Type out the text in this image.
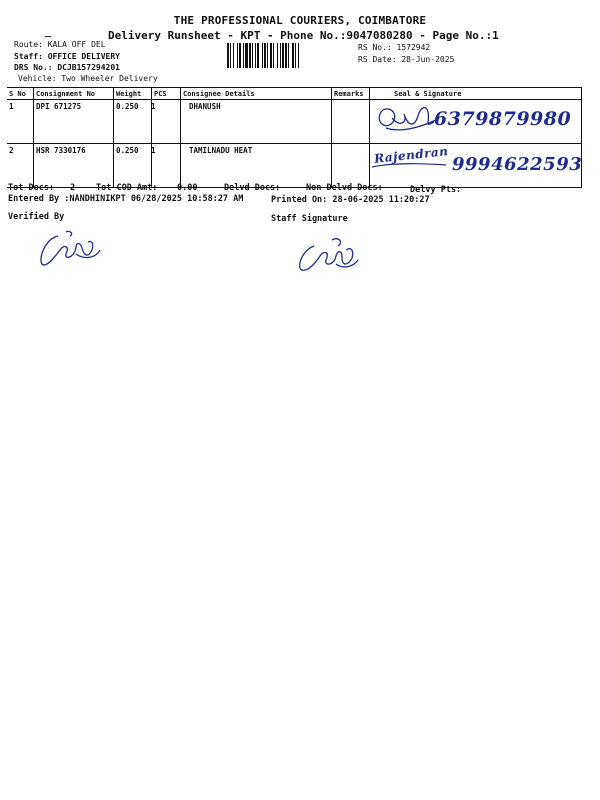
THE PROFESSIONAL COURIERS, COIMBATORE
Delivery Runsheet - KPT - Phone No.:9047080280 - Page No.:1
Route: KALA OFF DEL
Staff: OFFICE DELIVERY
DRS No.: DCJB157294201
Vehicle: Two Wheeler Delivery
RS No.: 1572942
RS Date: 28-Jun-2025
S No	Consignment No	Weight	PCS	Consignee Details	Remarks	Seal & Signature
1	DPI 671275	0.250	1	DHANUSH		6379879980

2	HSR 7330176	0.250	1	TAMILNADU HEAT		Rajendran 9994622593
Tot Docs: 2 Tot COD Amt: 0.00	Delvd Docs:	Non Delvd Docs:	Delvy Pts:
Entered By :NANDHINIKPT 06/28/2025 10:58:27 AM	Printed On: 28-06-2025 11:20:27
Verified By	Staff Signature
